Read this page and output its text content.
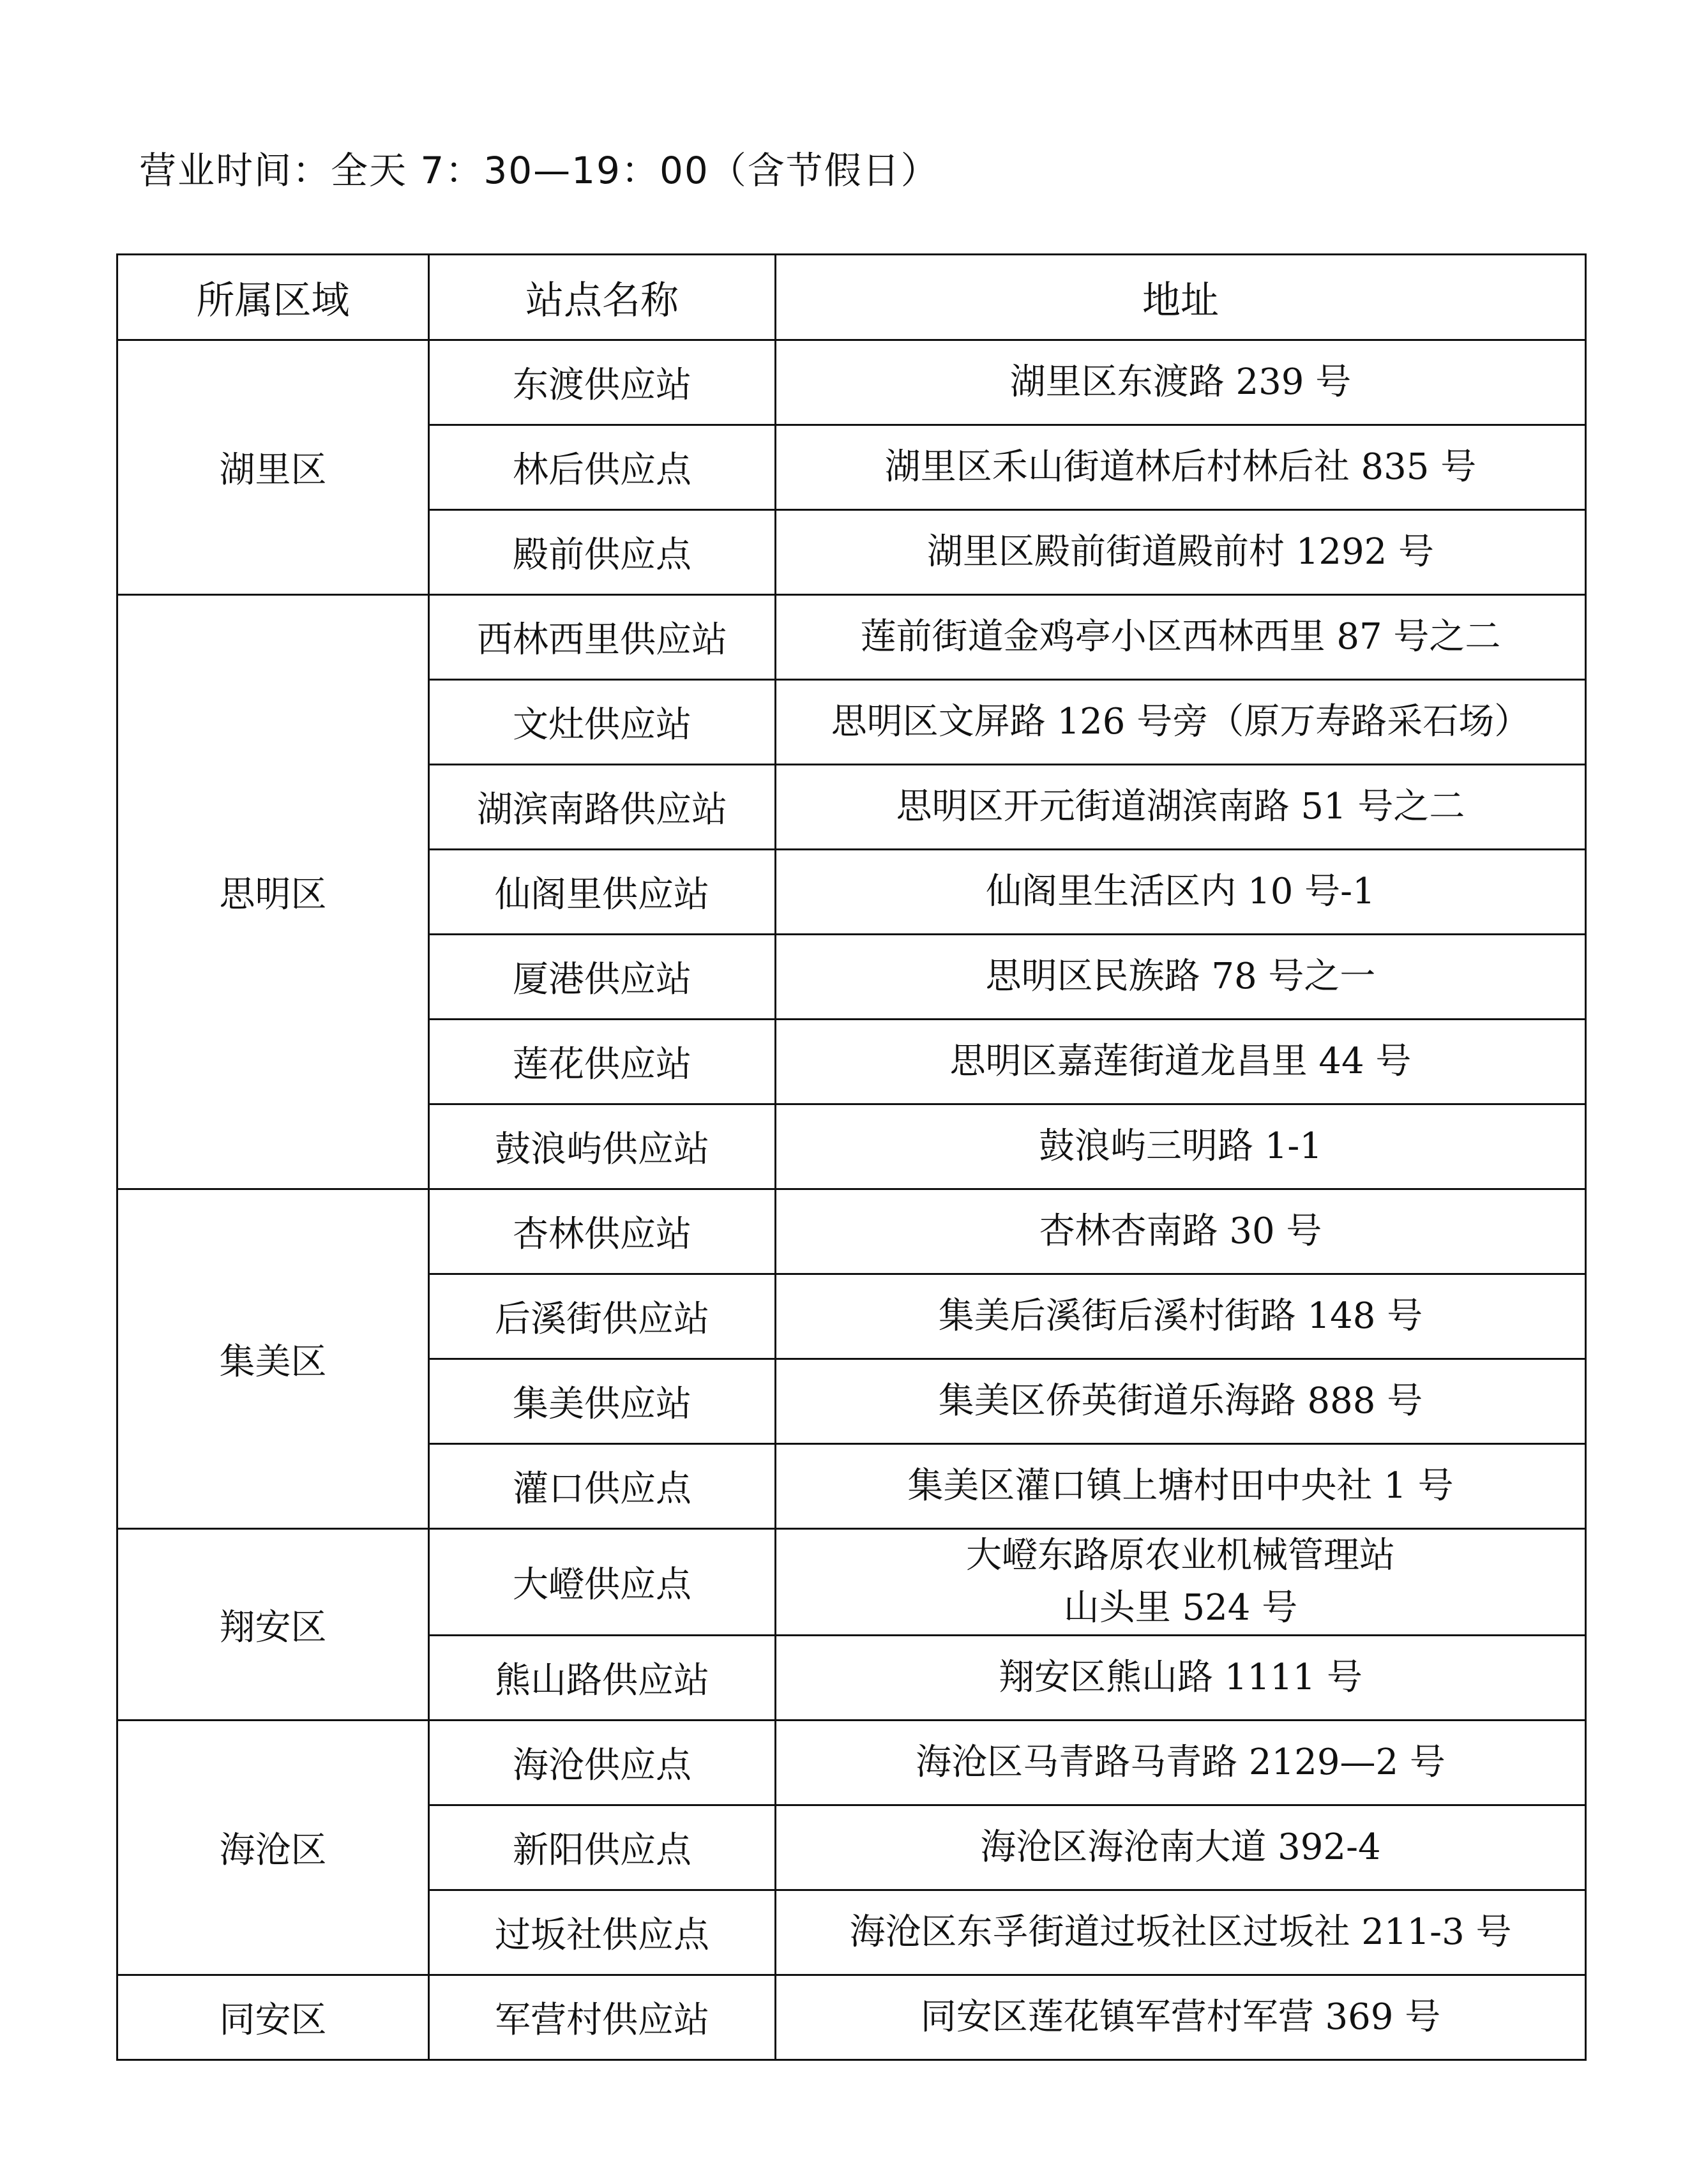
营业时间：全天 7：30—19：00（含节假日）
所属区域	站点名称	地址
湖里区	东渡供应站	湖里区东渡路 239 号
	林后供应点	湖里区禾山街道林后村林后社 835 号
	殿前供应点	湖里区殿前街道殿前村 1292 号
思明区	西林西里供应站	莲前街道金鸡亭小区西林西里 87 号之二
	文灶供应站	思明区文屏路 126 号旁（原万寿路采石场）
	湖滨南路供应站	思明区开元街道湖滨南路 51 号之二
	仙阁里供应站	仙阁里生活区内 10 号-1
	厦港供应站	思明区民族路 78 号之一
	莲花供应站	思明区嘉莲街道龙昌里 44 号
	鼓浪屿供应站	鼓浪屿三明路 1-1
集美区	杏林供应站	杏林杏南路 30 号
	后溪街供应站	集美后溪街后溪村街路 148 号
	集美供应站	集美区侨英街道乐海路 888 号
	灌口供应点	集美区灌口镇上塘村田中央社 1 号
翔安区	大嶝供应点	大嶝东路原农业机械管理站
山头里 524 号
	熊山路供应站	翔安区熊山路 1111 号
海沧区	海沧供应点	海沧区马青路马青路 2129—2 号
	新阳供应点	海沧区海沧南大道 392-4
	过坂社供应点	海沧区东孚街道过坂社区过坂社 211-3 号
同安区	军营村供应站	同安区莲花镇军营村军营 369 号
